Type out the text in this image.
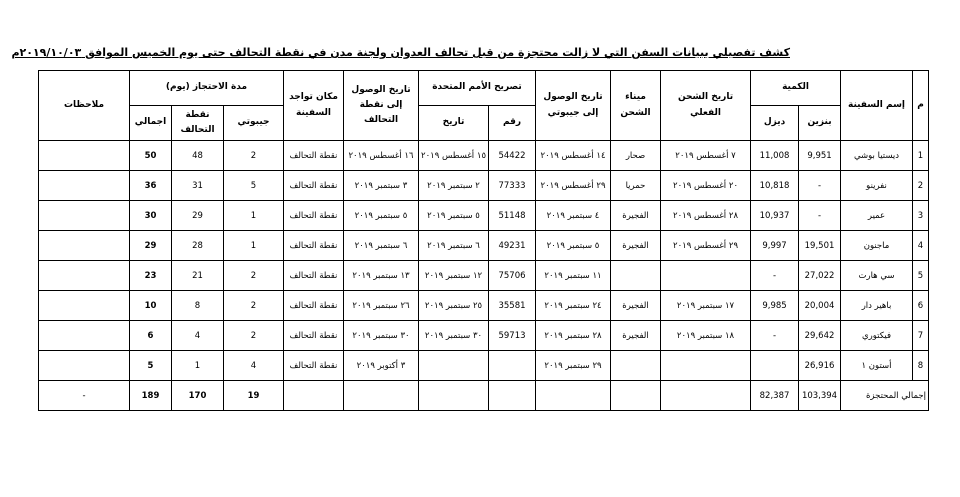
كشف تفصيلي ببيانات السفن التي لا زالت محتجزة من قبل تحالف العدوان ولجنة مدن في نقطة التحالف حتى يوم الخميس الموافق ٢٠١٩/١٠/٠٣م
م	إسم السفينة	الكمية		تاريخ الشحن الفعلي	ميناء الشحن	تاريخ الوصول إلى جيبوتي	تصريح الأمم المتحدة		تاريخ الوصول إلى نقطة التحالف	مكان تواجد السفينة	مدة الاحتجاز (يوم)			ملاحظات
							رقم	تاريخ			جيبوتي	نقطة التحالف	اجمالي	
		بنزين	ديزل											
1	ديستيا بوشي	9,951	11,008	٧ أغسطس ٢٠١٩	صحار	١٤ أغسطس ٢٠١٩	54422	١٥ أغسطس ٢٠١٩	١٦ أغسطس ٢٠١٩	نقطة التحالف	2	48	50	
2	نفرينو	-	10,818	٢٠ أغسطس ٢٠١٩	حمريا	٢٩ أغسطس ٢٠١٩	77333	٢ سبتمبر ٢٠١٩	٣ سبتمبر ٢٠١٩	نقطة التحالف	5	31	36	
3	عمير	-	10,937	٢٨ أغسطس ٢٠١٩	الفجيرة	٤ سبتمبر ٢٠١٩	51148	٥ سبتمبر ٢٠١٩	٥ سبتمبر ٢٠١٩	نقطة التحالف	1	29	30	
4	ماجنون	19,501	9,997	٢٩ أغسطس ٢٠١٩	الفجيرة	٥ سبتمبر ٢٠١٩	49231	٦ سبتمبر ٢٠١٩	٦ سبتمبر ٢٠١٩	نقطة التحالف	1	28	29	
5	سي هارت	27,022	-			١١ سبتمبر ٢٠١٩	75706	١٢ سبتمبر ٢٠١٩	١٣ سبتمبر ٢٠١٩	نقطة التحالف	2	21	23	
6	باهير دار	20,004	9,985	١٧ سبتمبر ٢٠١٩	الفجيرة	٢٤ سبتمبر ٢٠١٩	35581	٢٥ سبتمبر ٢٠١٩	٢٦ سبتمبر ٢٠١٩	نقطة التحالف	2	8	10	
7	فيكتوري	29,642	-	١٨ سبتمبر ٢٠١٩	الفجيرة	٢٨ سبتمبر ٢٠١٩	59713	٣٠ سبتمبر ٢٠١٩	٣٠ سبتمبر ٢٠١٩	نقطة التحالف	2	4	6	
8	أستون ١	26,916				٢٩ سبتمبر ٢٠١٩			٣ أكتوبر ٢٠١٩	نقطة التحالف	4	1	5	
إجمالي المحتجزة		103,394	82,387								19	170	189	-
